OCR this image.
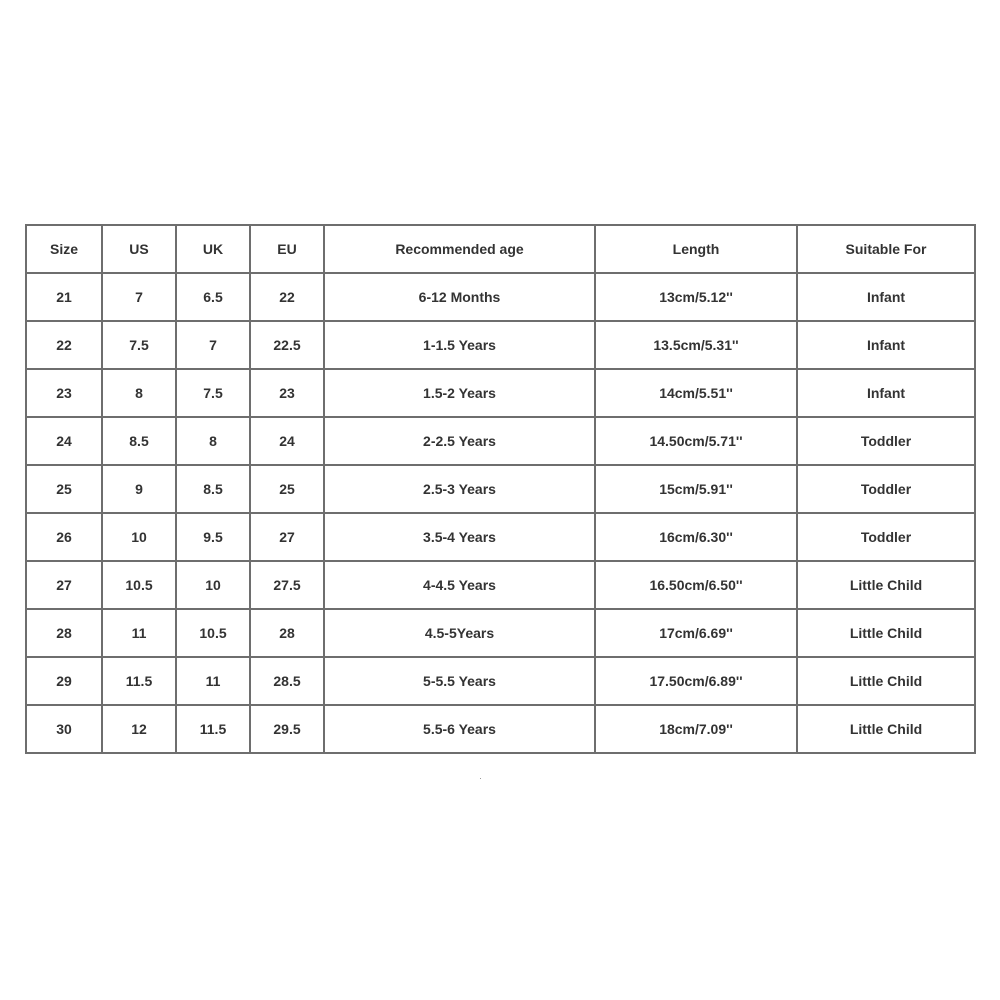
Size	US	UK	EU	Recommended age	Length	Suitable For
21	7	6.5	22	6-12 Months	13cm/5.12''	Infant
22	7.5	7	22.5	1-1.5 Years	13.5cm/5.31''	Infant
23	8	7.5	23	1.5-2 Years	14cm/5.51''	Infant
24	8.5	8	24	2-2.5 Years	14.50cm/5.71''	Toddler
25	9	8.5	25	2.5-3 Years	15cm/5.91''	Toddler
26	10	9.5	27	3.5-4 Years	16cm/6.30''	Toddler
27	10.5	10	27.5	4-4.5 Years	16.50cm/6.50''	Little Child
28	11	10.5	28	4.5-5Years	17cm/6.69''	Little Child
29	11.5	11	28.5	5-5.5 Years	17.50cm/6.89''	Little Child
30	12	11.5	29.5	5.5-6 Years	18cm/7.09''	Little Child
